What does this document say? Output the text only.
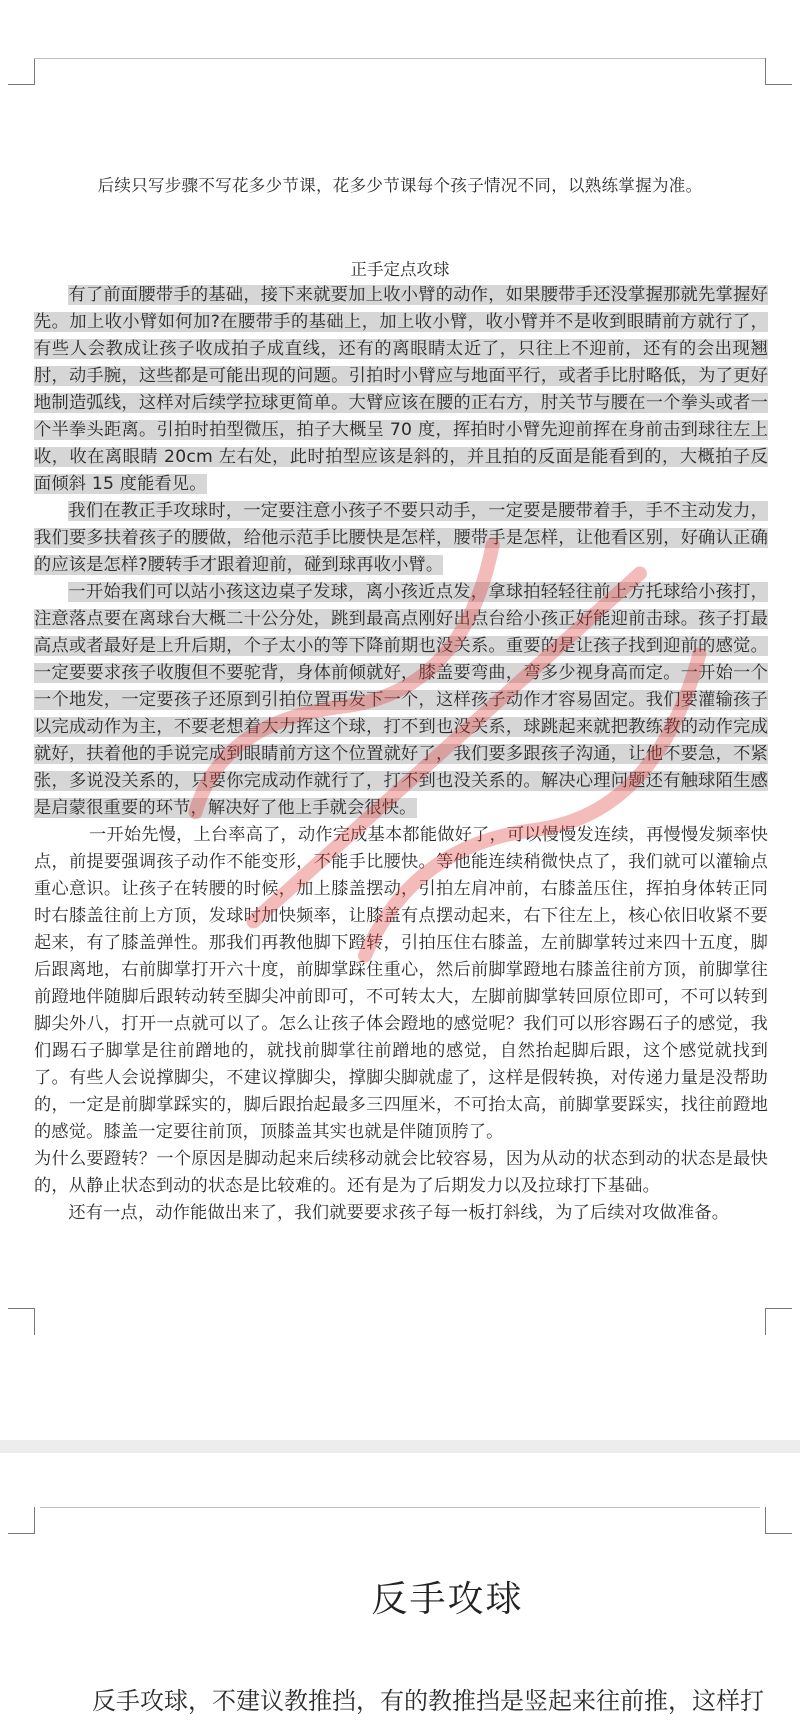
后续只写步骤不写花多少节课，花多少节课每个孩子情况不同，以熟练掌握为准。
正手定点攻球

有了前面腰带手的基础，接下来就要加上收小臂的动作，如果腰带手还没掌握那就先掌握好先。加上收小臂如何加?在腰带手的基础上，加上收小臂，收小臂并不是收到眼睛前方就行了，有些人会教成让孩子收成拍子成直线，还有的离眼睛太近了，只往上不迎前，还有的会出现翘肘，动手腕，这些都是可能出现的问题。引拍时小臂应与地面平行，或者手比肘略低，为了更好地制造弧线，这样对后续学拉球更简单。大臂应该在腰的正右方，肘关节与腰在一个拳头或者一个半拳头距离。引拍时拍型微压，拍子大概呈 70 度，挥拍时小臂先迎前挥在身前击到球往左上收，收在离眼睛 20cm 左右处，此时拍型应该是斜的，并且拍的反面是能看到的，大概拍子反面倾斜 15 度能看见。

我们在教正手攻球时，一定要注意小孩子不要只动手，一定要是腰带着手，手不主动发力，我们要多扶着孩子的腰做，给他示范手比腰快是怎样，腰带手是怎样，让他看区别，好确认正确的应该是怎样?腰转手才跟着迎前，碰到球再收小臂。

一开始我们可以站小孩这边桌子发球，离小孩近点发，拿球拍轻轻往前上方托球给小孩打，注意落点要在离球台大概二十公分处，跳到最高点刚好出点台给小孩正好能迎前击球。孩子打最高点或者最好是上升后期，个子太小的等下降前期也没关系。重要的是让孩子找到迎前的感觉。一定要要求孩子收腹但不要驼背，身体前倾就好，膝盖要弯曲，弯多少视身高而定。一开始一个一个地发，一定要孩子还原到引拍位置再发下一个，这样孩子动作才容易固定。我们要灌输孩子以完成动作为主，不要老想着大力挥这个球，打不到也没关系，球跳起来就把教练教的动作完成就好，扶着他的手说完成到眼睛前方这个位置就好了，我们要多跟孩子沟通，让他不要急，不紧张，多说没关系的，只要你完成动作就行了，打不到也没关系的。解决心理问题还有触球陌生感是启蒙很重要的环节，解决好了他上手就会很快。

一开始先慢，上台率高了，动作完成基本都能做好了，可以慢慢发连续，再慢慢发频率快点，前提要强调孩子动作不能变形，不能手比腰快。等他能连续稍微快点了，我们就可以灌输点重心意识。让孩子在转腰的时候，加上膝盖摆动，引拍左肩冲前，右膝盖压住，挥拍身体转正同时右膝盖往前上方顶，发球时加快频率，让膝盖有点摆动起来，右下往左上，核心依旧收紧不要起来，有了膝盖弹性。那我们再教他脚下蹬转，引拍压住右膝盖，左前脚掌转过来四十五度，脚后跟离地，右前脚掌打开六十度，前脚掌踩住重心，然后前脚掌蹬地右膝盖往前方顶，前脚掌往前蹬地伴随脚后跟转动转至脚尖冲前即可，不可转太大，左脚前脚掌转回原位即可，不可以转到脚尖外八，打开一点就可以了。怎么让孩子体会蹬地的感觉呢？我们可以形容踢石子的感觉，我们踢石子脚掌是往前蹭地的，就找前脚掌往前蹭地的感觉，自然抬起脚后跟，这个感觉就找到了。有些人会说撑脚尖，不建议撑脚尖，撑脚尖脚就虚了，这样是假转换，对传递力量是没帮助的，一定是前脚掌踩实的，脚后跟抬起最多三四厘米，不可抬太高，前脚掌要踩实，找往前蹬地的感觉。膝盖一定要往前顶，顶膝盖其实也就是伴随顶胯了。

为什么要蹬转？一个原因是脚动起来后续移动就会比较容易，因为从动的状态到动的状态是最快的，从静止状态到动的状态是比较难的。还有是为了后期发力以及拉球打下基础。

还有一点，动作能做出来了，我们就要要求孩子每一板打斜线，为了后续对攻做准备。

反手攻球
反手攻球，不建议教推挡，有的教推挡是竖起来往前推，这样打
